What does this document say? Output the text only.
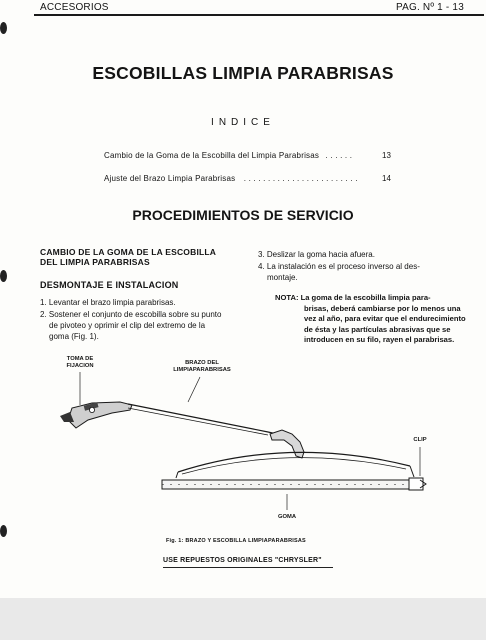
ACCESORIOS	PAG. Nº 1 - 13
ESCOBILLAS LIMPIA PARABRISAS
INDICE
Cambio de la Goma de la Escobilla del Limpia Parabrisas . . . . . .	13
Ajuste del Brazo Limpia Parabrisas . . . . . . . . . . . . . . . . . . . . . . . .	14
PROCEDIMIENTOS DE SERVICIO
CAMBIO DE LA GOMA DE LA ESCOBILLA
DEL LIMPIA PARABRISAS
DESMONTAJE E INSTALACION
1. Levantar el brazo limpia parabrisas.
2. Sostener el conjunto de escobilla sobre su punto
de pivoteo y oprimir el clip del extremo de la
goma (Fig. 1).
3. Deslizar la goma hacia afuera.
4. La instalación es el proceso inverso al des-
montaje.
NOTA: La goma de la escobilla limpia para-
brisas, deberá cambiarse por lo menos una
vez al año, para evitar que el endurecimiento
de ésta y las partículas abrasivas que se
introducen en su filo, rayen el parabrisas.
TOMA DE
FIJACION	BRAZO DEL
LIMPIAPARABRISAS
CLIP
GOMA
Fig. 1: BRAZO Y ESCOBILLA LIMPIAPARABRISAS
USE REPUESTOS ORIGINALES "CHRYSLER"
